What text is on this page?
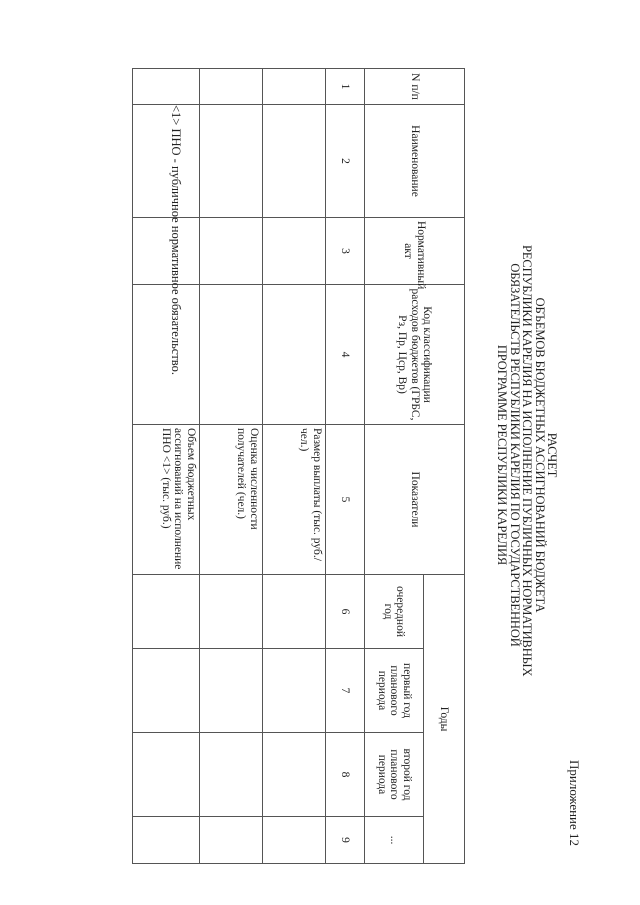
Приложение 12
РАСЧЕТ
ОБЪЕМОВ БЮДЖЕТНЫХ АССИГНОВАНИЙ БЮДЖЕТА
РЕСПУБЛИКИ КАРЕЛИЯ НА ИСПОЛНЕНИЕ ПУБЛИЧНЫХ НОРМАТИВНЫХ
ОБЯЗАТЕЛЬСТВ РЕСПУБЛИКИ КАРЕЛИЯ ПО ГОСУДАРСТВЕННОЙ
ПРОГРАММЕ РЕСПУБЛИКИ КАРЕЛИЯ
N п/п	Наименование	Нормативный акт	Код классификации расходов бюджетов (ГРБС, Рз, Пр, Цср, Вр)	Показатели	Годы			
					очередной год	первый год планового периода	второй год планового периода	...
1	2	3	4	5	6	7	8	9
				Размер выплаты (тыс. руб./чел.)				
				Оценка численности получателей (чел.)				
				Объем бюджетных ассигнований на исполнение ПНО <1> (тыс. руб.)				
<1> ПНО - публичное нормативное обязательство.
